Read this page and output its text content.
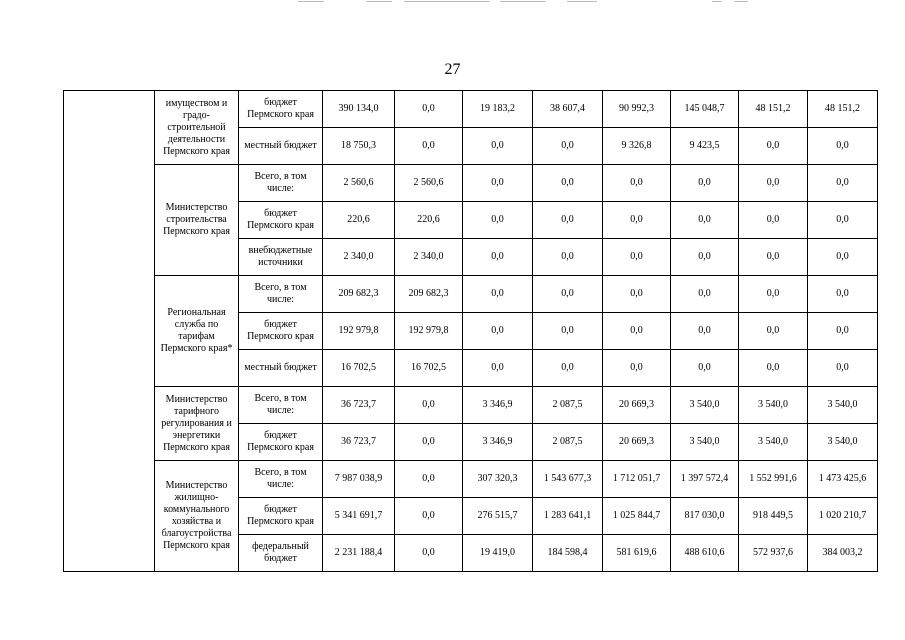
27
	имуществом и градо-строительной деятельности Пермского края	бюджет Пермского края	390 134,0	0,0	19 183,2	38 607,4	90 992,3	145 048,7	48 151,2	48 151,2
		местный бюджет	18 750,3	0,0	0,0	0,0	9 326,8	9 423,5	0,0	0,0
	Министерство строительства Пермского края	Всего, в том числе:	2 560,6	2 560,6	0,0	0,0	0,0	0,0	0,0	0,0
		бюджет Пермского края	220,6	220,6	0,0	0,0	0,0	0,0	0,0	0,0
		внебюджетные источники	2 340,0	2 340,0	0,0	0,0	0,0	0,0	0,0	0,0
	Региональная служба по тарифам Пермского края*	Всего, в том числе:	209 682,3	209 682,3	0,0	0,0	0,0	0,0	0,0	0,0
		бюджет Пермского края	192 979,8	192 979,8	0,0	0,0	0,0	0,0	0,0	0,0
		местный бюджет	16 702,5	16 702,5	0,0	0,0	0,0	0,0	0,0	0,0
	Министерство тарифного регулирования и энергетики Пермского края	Всего, в том числе:	36 723,7	0,0	3 346,9	2 087,5	20 669,3	3 540,0	3 540,0	3 540,0
		бюджет Пермского края	36 723,7	0,0	3 346,9	2 087,5	20 669,3	3 540,0	3 540,0	3 540,0
	Министерство жилищно-коммунального хозяйства и благоустройства Пермского края	Всего, в том числе:	7 987 038,9	0,0	307 320,3	1 543 677,3	1 712 051,7	1 397 572,4	1 552 991,6	1 473 425,6
		бюджет Пермского края	5 341 691,7	0,0	276 515,7	1 283 641,1	1 025 844,7	817 030,0	918 449,5	1 020 210,7
		федеральный бюджет	2 231 188,4	0,0	19 419,0	184 598,4	581 619,6	488 610,6	572 937,6	384 003,2
